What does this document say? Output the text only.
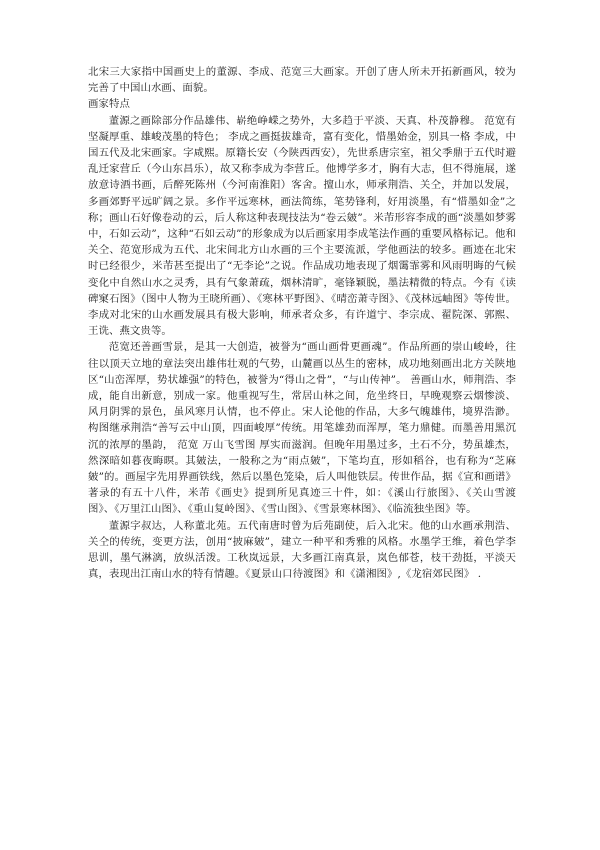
北宋三大家指中国画史上的董源、李成、范宽三大画家。开创了唐人所未开拓新画风，较为完善了中国山水画、面貌。

画家特点

董源之画除部分作品雄伟、崭绝峥嵘之势外，大多趋于平淡、天真、朴茂静穆。 范宽有坚凝厚重、雄峻茂墨的特色； 李成之画挺拔雄奇，富有变化，惜墨始金，别具一格 李成，中国五代及北宋画家。字咸熙。原籍长安（今陕西西安），先世系唐宗室，祖父季鼎于五代时避乱迁家营丘（今山东昌乐），故又称李成为李营丘。他博学多才，胸有大志，但不得施展，遂放意诗酒书画，后醉死陈州（今河南淮阳）客舍。擅山水，师承荆浩、关仝，并加以发展，多画郊野平远旷阔之景。多作平远寒林，画法简练，笔势锋利，好用淡墨，有“惜墨如金”之称；画山石好像卷动的云，后人称这种表现技法为“卷云皴”。米芾形容李成的画“淡墨如梦雾中，石如云动”，这种“石如云动”的形象成为以后画家用李成笔法作画的重要风格标记。他和关仝、范宽形成为五代、北宋间北方山水画的三个主要流派，学他画法的较多。画迹在北宋时已经很少，米芾甚至提出了“无李论”之说。作品成功地表现了烟霭霏雾和风雨明晦的气候变化中自然山水之灵秀，具有气象萧疏，烟林清旷，毫锋颖脱，墨法精微的特点。今有《读碑窠石图》（图中人物为王晓所画）、《寒林平野图》、《晴峦萧寺图》、《茂林远岫图》等传世。李成对北宋的山水画发展具有极大影响，师承者众多，有许道宁、李宗成、翟院深、郭熙、王诜、燕文贵等。

范宽还善画雪景，是其一大创造，被誉为“画山画骨更画魂”。作品所画的崇山峻岭，往往以顶天立地的章法突出雄伟壮观的气势，山麓画以丛生的密林，成功地刻画出北方关陕地区“山峦浑厚，势状雄强”的特色，被誉为“得山之骨”，“与山传神”。 善画山水，师荆浩、李成，能自出新意，别成一家。他重视写生，常居山林之间，危坐终日，早晚观察云烟惨淡、风月阴霁的景色，虽风寒月认情，也不停止。宋人论他的作品，大多气魄雄伟，境界浩渺。构图继承荆浩“善写云中山顶，四面峻厚”传统。用笔雄劲而浑厚，笔力鼎健。而墨善用黑沉沉的浓厚的墨韵， 范宽 万山飞雪图 厚实而滋润。但晚年用墨过多，土石不分，势虽雄杰，然深暗如暮夜晦暝。其皴法，一般称之为“雨点皴”，下笔均直，形如稻谷，也有称为“芝麻皴”的。画屋字先用界画铁线，然后以墨色笼染，后人叫他铁层。传世作品，据《宣和画谱》著录的有五十八件，米芾《画史》提到所见真迹三十件，如：《溪山行旅图》、《关山雪渡图》、《万里江山图》、《重山复岭图》、《雪山图》、《雪景寒林图》、《临流独坐图》等。

董源字叔达，人称董北苑。五代南唐时曾为后苑副使，后入北宋。他的山水画承荆浩、关仝的传统，变更方法，创用“披麻皴”，建立一种平和秀雅的风格。水墨学王维，着色学李思训，墨气淋漓，放纵活泼。工秋岚远景，大多画江南真景，岚色郁苍，枝干劲挺，平淡天真，表现出江南山水的特有情趣。《夏景山口待渡图》和《潇湘图》,《龙宿郊民图》 .
